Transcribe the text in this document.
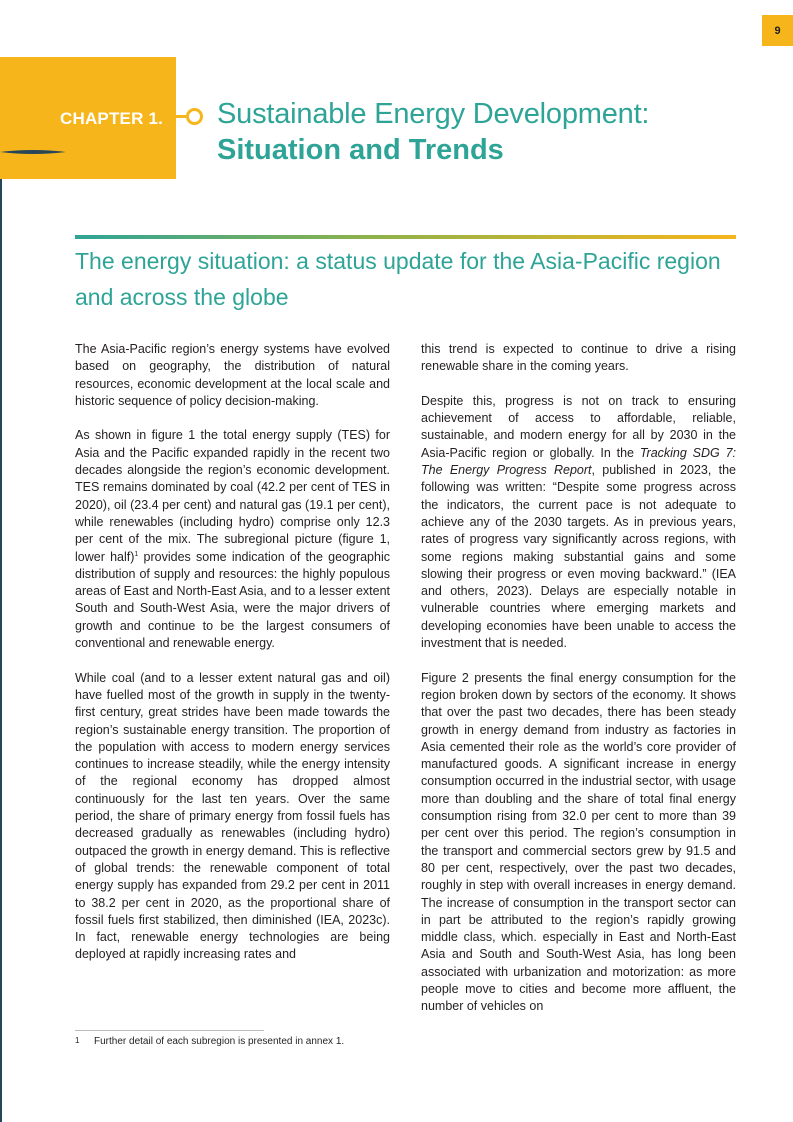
9
CHAPTER 1. Sustainable Energy Development:
Situation and Trends
The energy situation: a status update for the Asia-Pacific region and across the globe

The Asia-Pacific region’s energy systems have evolved based on geography, the distribution of natural resources, economic development at the local scale and historic sequence of policy decision-making.

As shown in figure 1 the total energy supply (TES) for Asia and the Pacific expanded rapidly in the recent two decades alongside the region’s economic development. TES remains dominated by coal (42.2 per cent of TES in 2020), oil (23.4 per cent) and natural gas (19.1 per cent), while renewables (including hydro) comprise only 12.3 per cent of the mix. The subregional picture (figure 1, lower half)$^1$ provides some indication of the geographic distribution of supply and resources: the highly populous areas of East and North-East Asia, and to a lesser extent South and South-West Asia, were the major drivers of growth and continue to be the largest consumers of conventional and renewable energy.

While coal (and to a lesser extent natural gas and oil) have fuelled most of the growth in supply in the twenty-first century, great strides have been made towards the region’s sustainable energy transition. The proportion of the population with access to modern energy services continues to increase steadily, while the energy intensity of the regional economy has dropped almost continuously for the last ten years. Over the same period, the share of primary energy from fossil fuels has decreased gradually as renewables (including hydro) outpaced the growth in energy demand. This is reflective of global trends: the renewable component of total energy supply has expanded from 29.2 per cent in 2011 to 38.2 per cent in 2020, as the proportional share of fossil fuels first stabilized, then diminished (IEA, 2023c). In fact, renewable energy technologies are being deployed at rapidly increasing rates and

this trend is expected to continue to drive a rising renewable share in the coming years.

Despite this, progress is not on track to ensuring achievement of access to affordable, reliable, sustainable, and modern energy for all by 2030 in the Asia-Pacific region or globally. In the Tracking SDG 7: The Energy Progress Report, published in 2023, the following was written: “Despite some progress across the indicators, the current pace is not adequate to achieve any of the 2030 targets. As in previous years, rates of progress vary significantly across regions, with some regions making substantial gains and some slowing their progress or even moving backward.” (IEA and others, 2023). Delays are especially notable in vulnerable countries where emerging markets and developing economies have been unable to access the investment that is needed.

Figure 2 presents the final energy consumption for the region broken down by sectors of the economy. It shows that over the past two decades, there has been steady growth in energy demand from industry as factories in Asia cemented their role as the world’s core provider of manufactured goods. A significant increase in energy consumption occurred in the industrial sector, with usage more than doubling and the share of total final energy consumption rising from 32.0 per cent to more than 39 per cent over this period. The region’s consumption in the transport and commercial sectors grew by 91.5 and 80 per cent, respectively, over the past two decades, roughly in step with overall increases in energy demand. The increase of consumption in the transport sector can in part be attributed to the region’s rapidly growing middle class, which. especially in East and North-East Asia and South and South-West Asia, has long been associated with urbanization and motorization: as more people move to cities and become more affluent, the number of vehicles on

1 Further detail of each subregion is presented in annex 1.
